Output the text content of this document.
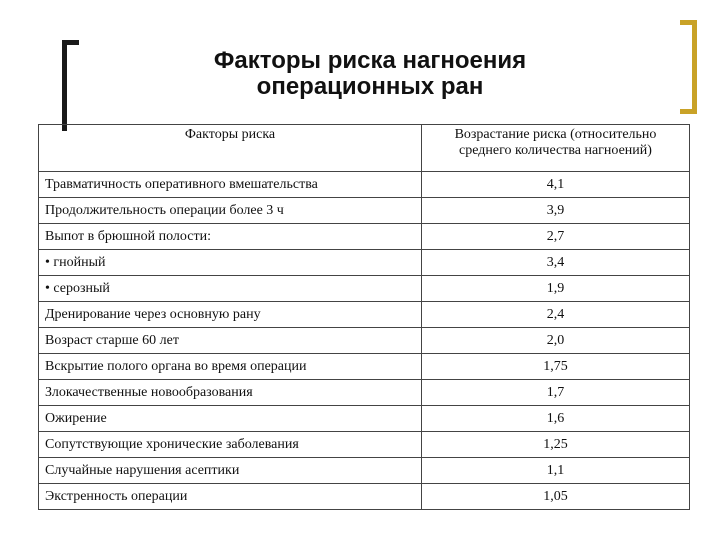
Факторы риска нагноения
операционных ран
Факторы риска	Возрастание риска (относительно среднего количества нагноений)
Травматичность оперативного вмешательства	4,1
Продолжительность операции более 3 ч	3,9
Выпот в брюшной полости:	2,7
• гнойный	3,4
• серозный	1,9
Дренирование через основную рану	2,4
Возраст старше 60 лет	2,0
Вскрытие полого органа во время операции	1,75
Злокачественные новообразования	1,7
Ожирение	1,6
Сопутствующие хронические заболевания	1,25
Случайные нарушения асептики	1,1
Экстренность операции	1,05
